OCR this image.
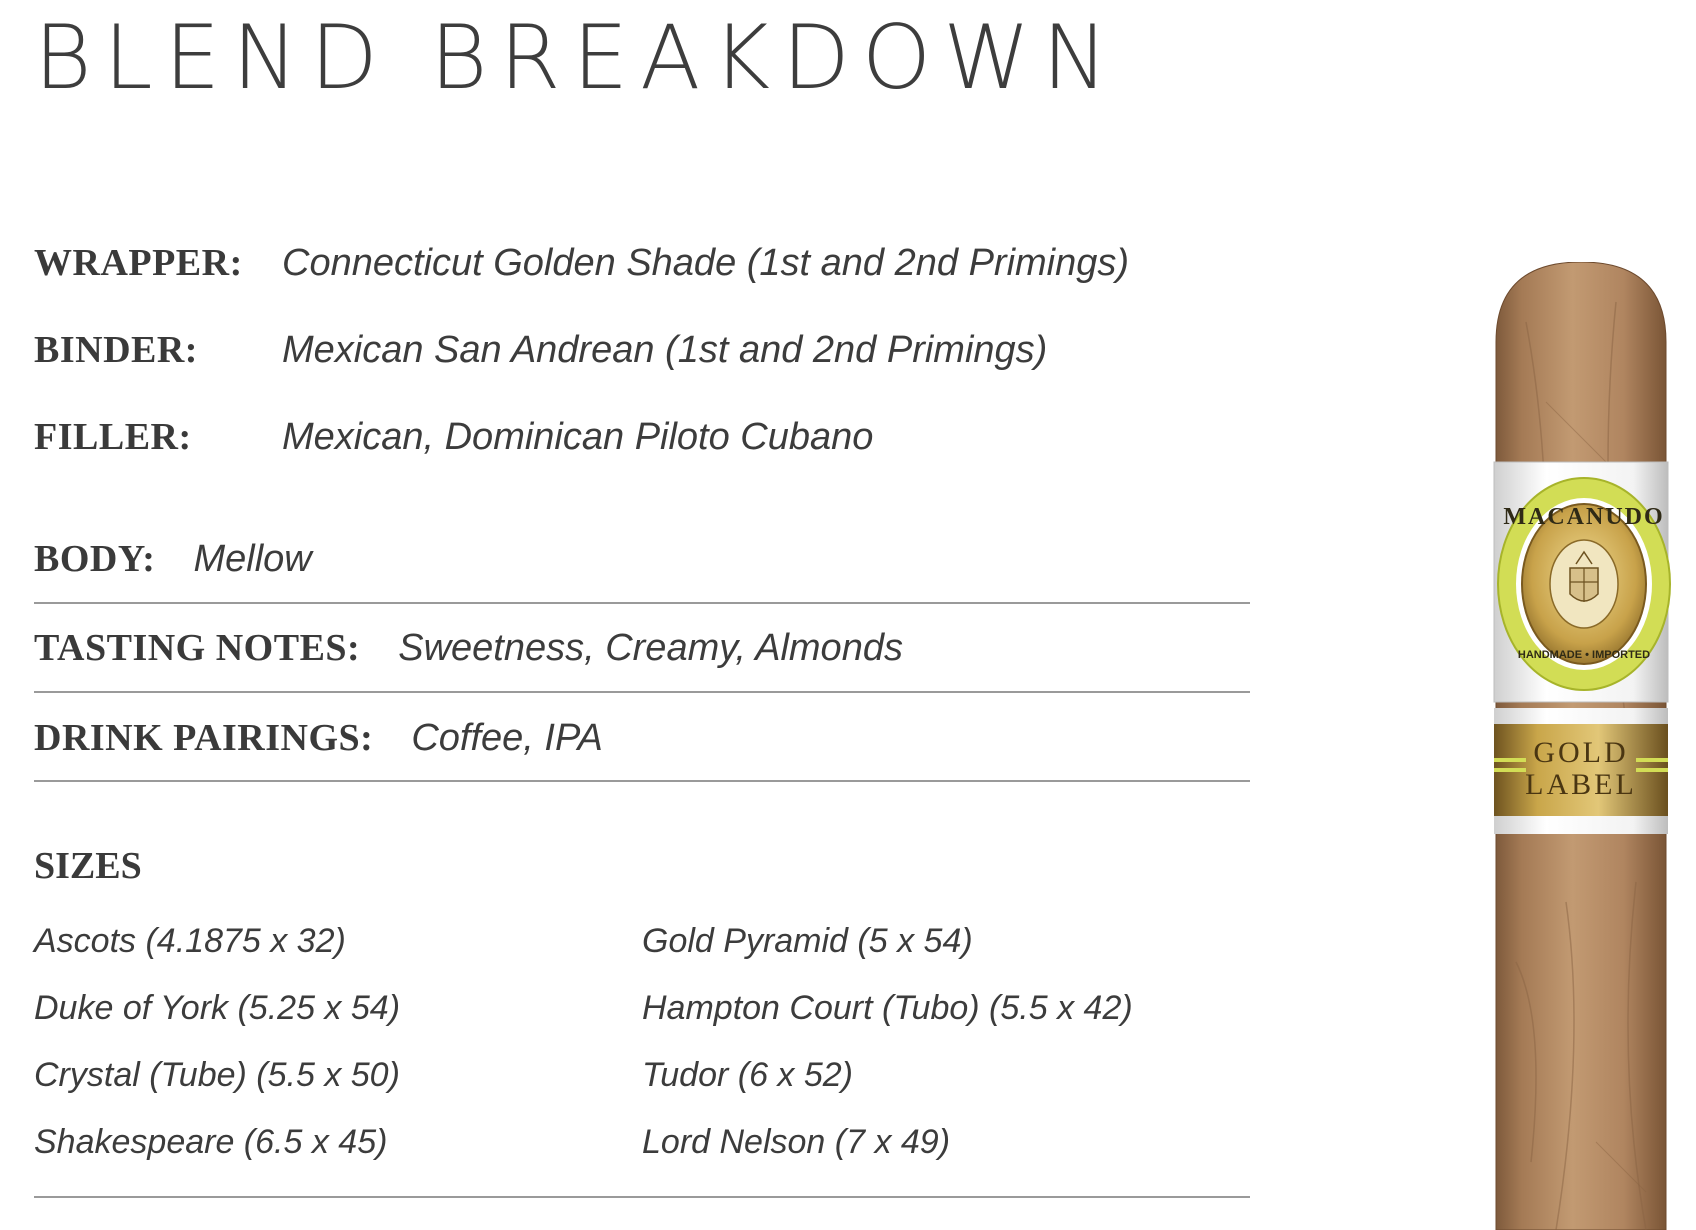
BLEND BREAKDOWN
WRAPPER:	Connecticut Golden Shade (1st and 2nd Primings)
BINDER:	Mexican San Andrean (1st and 2nd Primings)
FILLER:	Mexican, Dominican Piloto Cubano
BODY: Mellow
TASTING NOTES: Sweetness, Creamy, Almonds
DRINK PAIRINGS: Coffee, IPA
SIZES
Ascots (4.1875 x 32)	Gold Pyramid (5 x 54)
Duke of York (5.25 x 54)	Hampton Court (Tubo) (5.5 x 42)
Crystal (Tube) (5.5 x 50)	Tudor (6 x 52)
Shakespeare (6.5 x 45)	Lord Nelson (7 x 49)
MACANUDO
HANDMADE • IMPORTED
GOLD
LABEL
